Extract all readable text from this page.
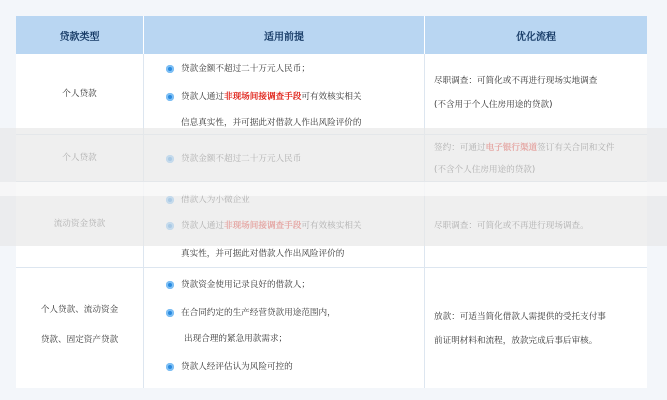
贷款类型	适用前提	优化流程
个人贷款
贷款金额不超过二十万元人民币；
贷款人通过 非现场间接调查手段 可有效核实相关
信息真实性，并可据此对借款人作出风险评价的
尽职调查：可简化或不再进行现场实地调查
(不含用于个人住房用途的贷款)
真实性，并可据此对借款人作出风险评价的
个人贷款、流动资金
贷款、固定资产贷款
贷款资金使用记录良好的借款人；
在合同约定的生产经营贷款用途范围内，
出现合理的紧急用款需求；
贷款人经评估认为风险可控的
放款：可适当简化借款人需提供的受托支付事
前证明材料和流程，放款完成后事后审核。
